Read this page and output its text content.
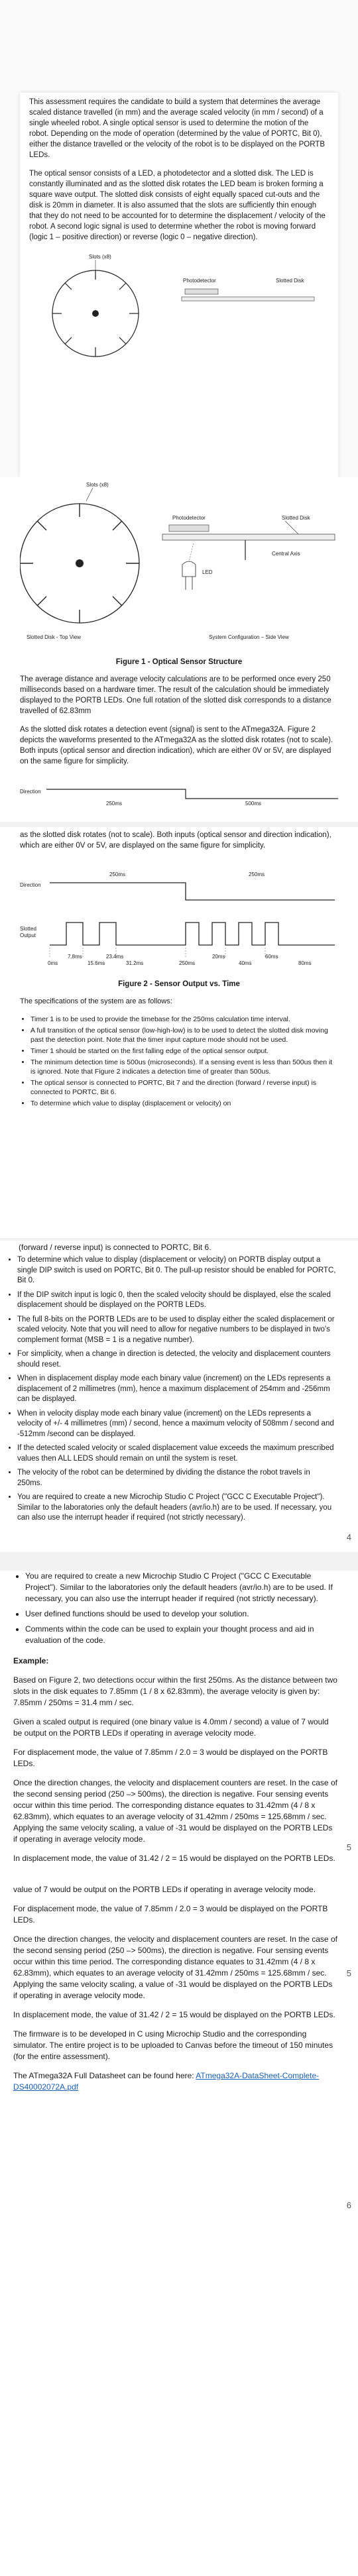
This assessment requires the candidate to build a system that determines the average scaled distance travelled (in mm) and the average scaled velocity (in mm / second) of a single wheeled robot. A single optical sensor is used to determine the motion of the robot. Depending on the mode of operation (determined by the value of PORTC, Bit 0), either the distance travelled or the velocity of the robot is to be displayed on the PORTB LEDs.

The optical sensor consists of a LED, a photodetector and a slotted disk. The LED is constantly illuminated and as the slotted disk rotates the LED beam is broken forming a square wave output. The slotted disk consists of eight equally spaced cut-outs and the disk is 20mm in diameter. It is also assumed that the slots are sufficiently thin enough that they do not need to be accounted for to determine the displacement / velocity of the robot. A second logic signal is used to determine whether the robot is moving forward (logic 1 – positive direction) or reverse (logic 0 – negative direction).

Slots (x8)
Photodetector	Slotted Disk
Slots (x8)
Photodetector	Slotted Disk
Central Axis
LED
Slotted Disk - Top View	System Configuration – Side View
Figure 1 - Optical Sensor Structure

The average distance and average velocity calculations are to be performed once every 250 milliseconds based on a hardware timer. The result of the calculation should be immediately displayed to the PORTB LEDs. One full rotation of the slotted disk corresponds to a distance travelled of 62.83mm

As the slotted disk rotates a detection event (signal) is sent to the ATmega32A. Figure 2 depicts the waveforms presented to the ATmega32A as the slotted disk rotates (not to scale). Both inputs (optical sensor and direction indication), which are either 0V or 5V, are displayed on the same figure for simplicity.

Direction
250ms	500ms

as the slotted disk rotates (not to scale). Both inputs (optical sensor and direction indication), which are either 0V or 5V, are displayed on the same figure for simplicity.

Direction
250ms	250ms
Slotted
Output
0ms
7.8ms
15.6ms
23.4ms
31.2ms	250ms
20ms
40ms
60ms
80ms
Figure 2 - Sensor Output vs. Time

The specifications of the system are as follows:

• Timer 1 is to be used to provide the timebase for the 250ms calculation time interval.
• A full transition of the optical sensor (low-high-low) is to be used to detect the slotted disk moving past the detection point. Note that the timer input capture mode should not be used.
• Timer 1 should be started on the first falling edge of the optical sensor output.
• The minimum detection time is 500us (microseconds). If a sensing event is less than 500us then it is ignored. Note that Figure 2 indicates a detection time of greater than 500us.
• The optical sensor is connected to PORTC, Bit 7 and the direction (forward / reverse input) is connected to PORTC, Bit 6.
• To determine which value to display (displacement or velocity) on
(forward / reverse input) is connected to PORTC, Bit 6.
• To determine which value to display (displacement or velocity) on PORTB display output a single DIP switch is used on PORTC, Bit 0. The pull-up resistor should be enabled for PORTC, Bit 0.
• If the DIP switch input is logic 0, then the scaled velocity should be displayed, else the scaled displacement should be displayed on the PORTB LEDs.
• The full 8-bits on the PORTB LEDs are to be used to display either the scaled displacement or scaled velocity. Note that you will need to allow for negative numbers to be displayed in two's complement format (MSB = 1 is a negative number).
• For simplicity, when a change in direction is detected, the velocity and displacement counters should reset.
• When in displacement display mode each binary value (increment) on the LEDs represents a displacement of 2 millimetres (mm), hence a maximum displacement of 254mm and -256mm can be displayed.
• When in velocity display mode each binary value (increment) on the LEDs represents a velocity of +/- 4 millimetres (mm) / second, hence a maximum velocity of 508mm / second and -512mm /second can be displayed.
• If the detected scaled velocity or scaled displacement value exceeds the maximum prescribed values then ALL LEDS should remain on until the system is reset.
• The velocity of the robot can be determined by dividing the distance the robot travels in 250ms.
• You are required to create a new Microchip Studio C Project ("GCC C Executable Project"). Similar to the laboratories only the default headers (avr/io.h) are to be used. If necessary, you can also use the interrupt header if required (not strictly necessary).
4
• You are required to create a new Microchip Studio C Project ("GCC C Executable Project"). Similar to the laboratories only the default headers (avr/io.h) are to be used. If necessary, you can also use the interrupt header if required (not strictly necessary).
• User defined functions should be used to develop your solution.
• Comments within the code can be used to explain your thought process and aid in evaluation of the code.

Example:

Based on Figure 2, two detections occur within the first 250ms. As the distance between two slots in the disk equates to 7.85mm (1 / 8 x 62.83mm), the average velocity is given by: 7.85mm / 250ms = 31.4 mm / sec.

Given a scaled output is required (one binary value is 4.0mm / second) a value of 7 would be output on the PORTB LEDs if operating in average velocity mode.

For displacement mode, the value of 7.85mm / 2.0 = 3 would be displayed on the PORTB LEDs.

Once the direction changes, the velocity and displacement counters are reset. In the case of the second sensing period (250 –> 500ms), the direction is negative. Four sensing events occur within this time period. The corresponding distance equates to 31.42mm (4 / 8 x 62.83mm), which equates to an average velocity of 31.42mm / 250ms = 125.68mm / sec. Applying the same velocity scaling, a value of -31 would be displayed on the PORTB LEDs if operating in average velocity mode.

In displacement mode, the value of 31.42 / 2 = 15 would be displayed on the PORTB LEDs.

value of 7 would be output on the PORTB LEDs if operating in average velocity mode.

For displacement mode, the value of 7.85mm / 2.0 = 3 would be displayed on the PORTB LEDs.

Once the direction changes, the velocity and displacement counters are reset. In the case of the second sensing period (250 –> 500ms), the direction is negative. Four sensing events occur within this time period. The corresponding distance equates to 31.42mm (4 / 8 x 62.83mm), which equates to an average velocity of 31.42mm / 250ms = 125.68mm / sec. Applying the same velocity scaling, a value of -31 would be displayed on the PORTB LEDs if operating in average velocity mode.

In displacement mode, the value of 31.42 / 2 = 15 would be displayed on the PORTB LEDs.

The firmware is to be developed in C using Microchip Studio and the corresponding simulator. The entire project is to be uploaded to Canvas before the timeout of 150 minutes (for the entire assessment).

The ATmega32A Full Datasheet can be found here: ATmega32A-DataSheet-Complete-DS40002072A.pdf

5
5
6
